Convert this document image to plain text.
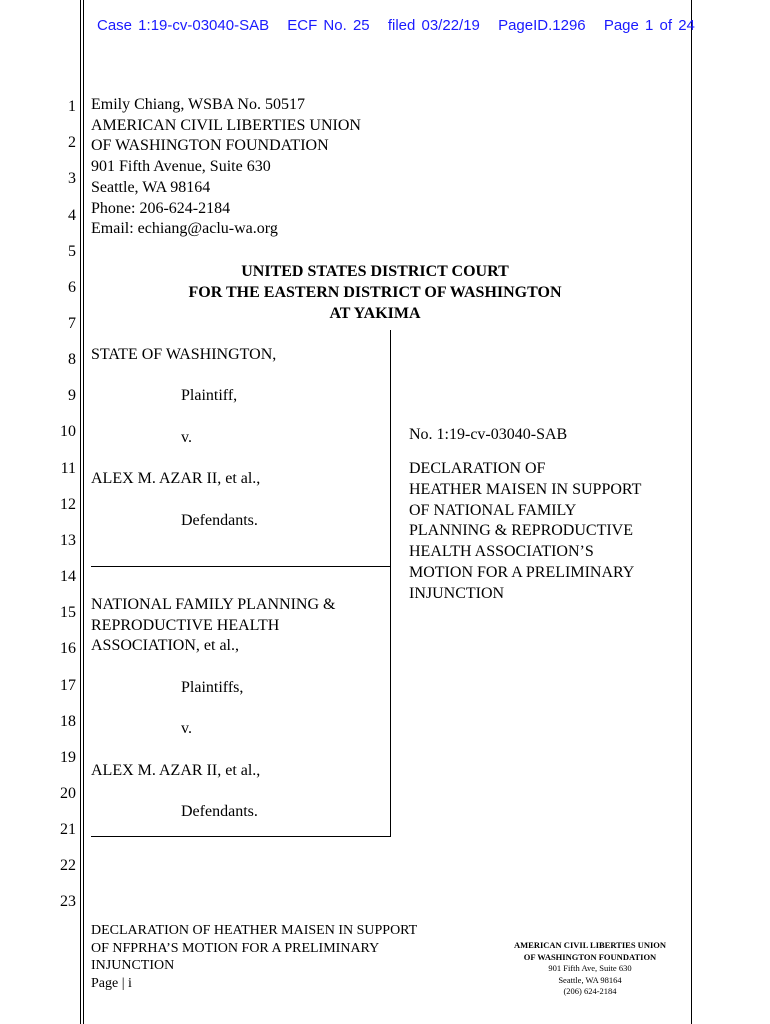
Case 1:19-cv-03040-SAB ECF No. 25 filed 03/22/19 PageID.1296 Page 1 of 24
1
2
3
4
5
6
7
8
9
10
11
12
13
14
15
16
17
18
19
20
21
22
23
Emily Chiang, WSBA No. 50517
AMERICAN CIVIL LIBERTIES UNION
OF WASHINGTON FOUNDATION
901 Fifth Avenue, Suite 630
Seattle, WA 98164
Phone: 206-624-2184
Email: echiang@aclu-wa.org
UNITED STATES DISTRICT COURT
FOR THE EASTERN DISTRICT OF WASHINGTON
AT YAKIMA
STATE OF WASHINGTON,
Plaintiff,
v.
ALEX M. AZAR II, et al.,
Defendants.
NATIONAL FAMILY PLANNING &
REPRODUCTIVE HEALTH
ASSOCIATION, et al.,
Plaintiffs,
v.
ALEX M. AZAR II, et al.,
Defendants.
No. 1:19-cv-03040-SAB
DECLARATION OF
HEATHER MAISEN IN SUPPORT
OF NATIONAL FAMILY
PLANNING & REPRODUCTIVE
HEALTH ASSOCIATION’S
MOTION FOR A PRELIMINARY
INJUNCTION
DECLARATION OF HEATHER MAISEN IN SUPPORT
OF NFPRHA’S MOTION FOR A PRELIMINARY
INJUNCTION
Page | i
AMERICAN CIVIL LIBERTIES UNION
OF WASHINGTON FOUNDATION
901 Fifth Ave, Suite 630
Seattle, WA 98164
(206) 624-2184
